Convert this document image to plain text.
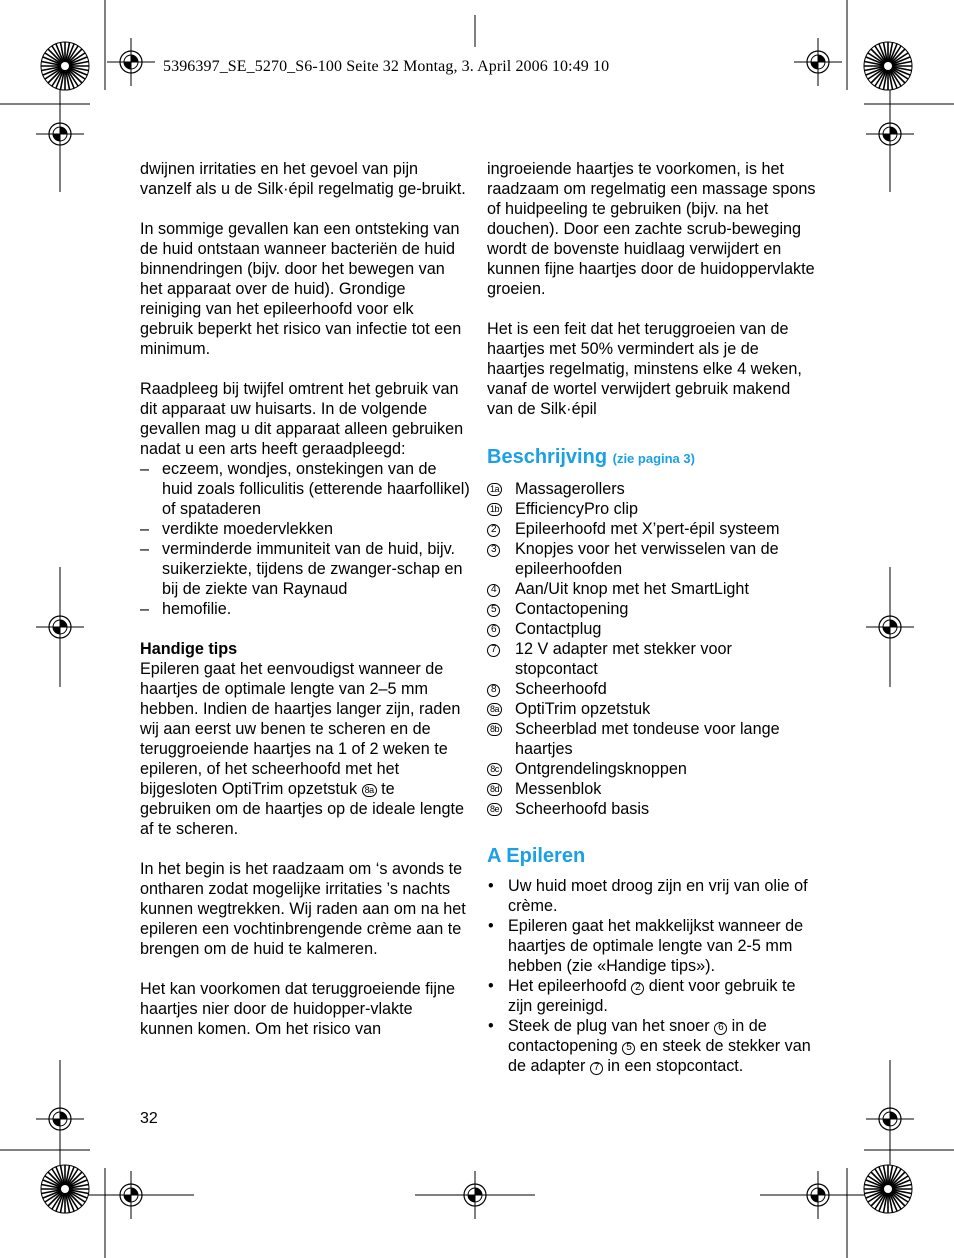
5396397_SE_5270_S6-100 Seite 32 Montag, 3. April 2006 10:49 10

dwijnen irritaties en het gevoel van pijn vanzelf als u de Silk·épil regelmatig ge-bruikt.

In sommige gevallen kan een ontsteking van de huid ontstaan wanneer bacteriën de huid binnendringen (bijv. door het bewegen van het apparaat over de huid). Grondige reiniging van het epileerhoofd voor elk gebruik beperkt het risico van infectie tot een minimum.

Raadpleeg bij twijfel omtrent het gebruik van dit apparaat uw huisarts. In de volgende gevallen mag u dit apparaat alleen gebruiken nadat u een arts heeft geraadpleegd:

– eczeem, wondjes, onstekingen van de huid zoals folliculitis (etterende haarfollikel) of spataderen
– verdikte moedervlekken
– verminderde immuniteit van de huid, bijv. suikerziekte, tijdens de zwanger-schap en bij de ziekte van Raynaud
– hemofilie.

Handige tips

Epileren gaat het eenvoudigst wanneer de haartjes de optimale lengte van 2–5 mm hebben. Indien de haartjes langer zijn, raden wij aan eerst uw benen te scheren en de teruggroeiende haartjes na 1 of 2 weken te epileren, of het scheerhoofd met het bijgesloten OptiTrim opzetstuk 8a te gebruiken om de haartjes op de ideale lengte af te scheren.

In het begin is het raadzaam om ‘s avonds te ontharen zodat mogelijke irritaties ’s nachts kunnen wegtrekken. Wij raden aan om na het epileren een vochtinbrengende crème aan te brengen om de huid te kalmeren.

Het kan voorkomen dat teruggroeiende fijne haartjes nier door de huidopper-vlakte kunnen komen. Om het risico van

32

ingroeiende haartjes te voorkomen, is het raadzaam om regelmatig een massage spons of huidpeeling te gebruiken (bijv. na het douchen). Door een zachte scrub-beweging wordt de bovenste huidlaag verwijdert en kunnen fijne haartjes door de huidoppervlakte groeien.

Het is een feit dat het teruggroeien van de haartjes met 50% vermindert als je de haartjes regelmatig, minstens elke 4 weken, vanaf de wortel verwijdert gebruik makend van de Silk·épil

Beschrijving (zie pagina 3)
1a Massagerollers
1b EfficiencyPro clip
2 Epileerhoofd met X’pert-épil systeem
3 Knopjes voor het verwisselen van de epileerhoofden
4 Aan/Uit knop met het SmartLight
5 Contactopening
6 Contactplug
7 12 V adapter met stekker voor stopcontact
8 Scheerhoofd
8a OptiTrim opzetstuk
8b Scheerblad met tondeuse voor lange haartjes
8c Ontgrendelingsknoppen
8d Messenblok
8e Scheerhoofd basis
A Epileren
• Uw huid moet droog zijn en vrij van olie of crème.
• Epileren gaat het makkelijkst wanneer de haartjes de optimale lengte van 2-5 mm hebben (zie «Handige tips»).
• Het epileerhoofd 2 dient voor gebruik te zijn gereinigd.
• Steek de plug van het snoer 6 in de contactopening 5 en steek de stekker van de adapter 7 in een stopcontact.
